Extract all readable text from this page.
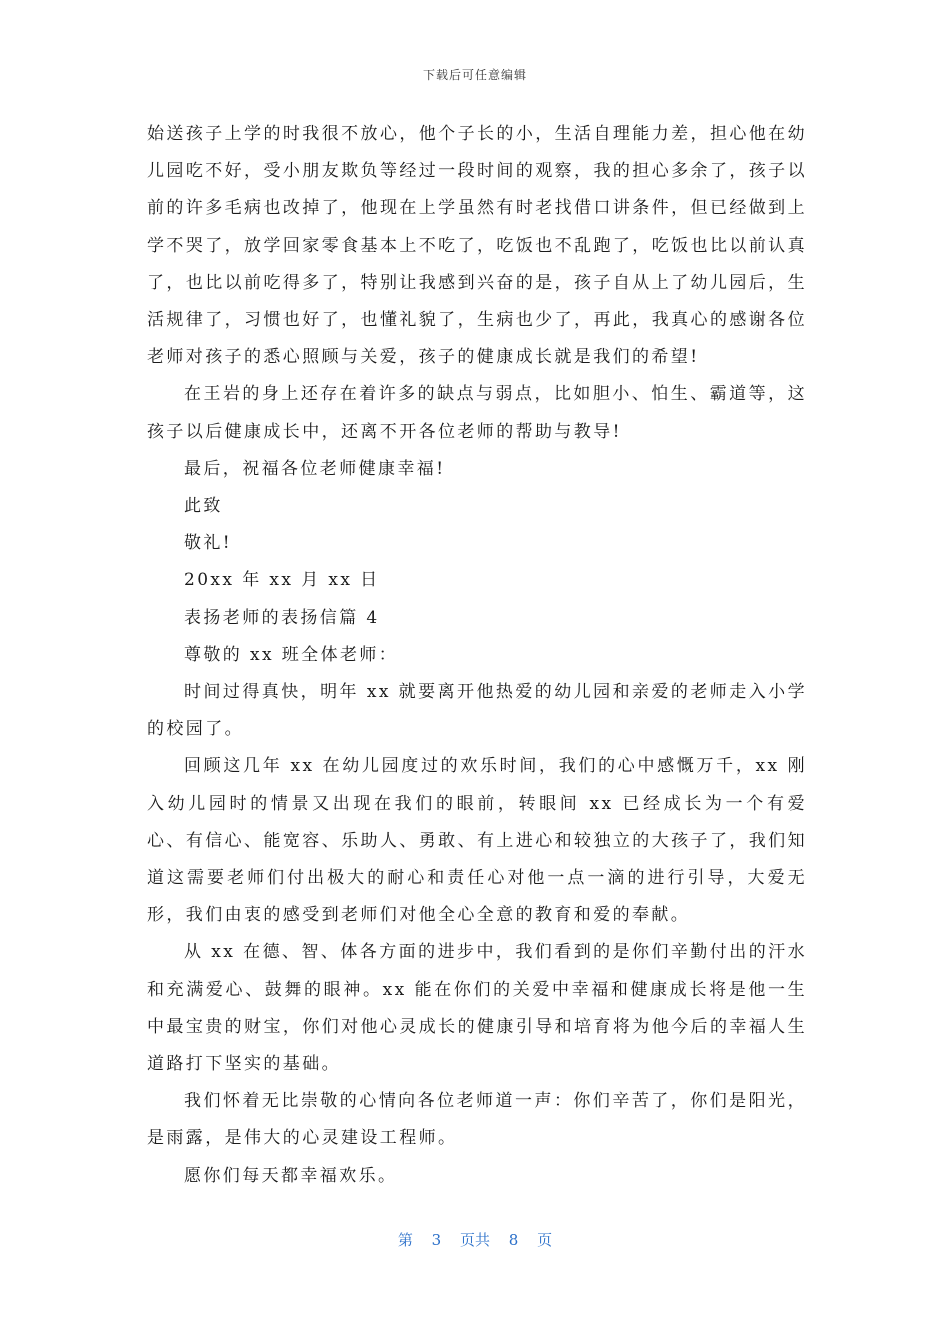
下载后可任意编辑

始送孩子上学的时我很不放心，他个子长的小，生活自理能力差，担心他在幼儿园吃不好，受小朋友欺负等经过一段时间的观察，我的担心多余了，孩子以前的许多毛病也改掉了，他现在上学虽然有时老找借口讲条件，但已经做到上学不哭了，放学回家零食基本上不吃了，吃饭也不乱跑了，吃饭也比以前认真了，也比以前吃得多了，特别让我感到兴奋的是，孩子自从上了幼儿园后，生活规律了，习惯也好了，也懂礼貌了，生病也少了，再此，我真心的感谢各位老师对孩子的悉心照顾与关爱，孩子的健康成长就是我们的希望!

在王岩的身上还存在着许多的缺点与弱点，比如胆小、怕生、霸道等，这孩子以后健康成长中，还离不开各位老师的帮助与教导!

最后，祝福各位老师健康幸福!

此致

敬礼!

20xx 年 xx 月 xx 日

表扬老师的表扬信篇 4

尊敬的 xx 班全体老师：

时间过得真快，明年 xx 就要离开他热爱的幼儿园和亲爱的老师走入小学的校园了。

回顾这几年 xx 在幼儿园度过的欢乐时间，我们的心中感慨万千，xx 刚入幼儿园时的情景又出现在我们的眼前，转眼间 xx 已经成长为一个有爱心、有信心、能宽容、乐助人、勇敢、有上进心和较独立的大孩子了，我们知道这需要老师们付出极大的耐心和责任心对他一点一滴的进行引导，大爱无形，我们由衷的感受到老师们对他全心全意的教育和爱的奉献。

从 xx 在德、智、体各方面的进步中，我们看到的是你们辛勤付出的汗水和充满爱心、鼓舞的眼神。xx 能在你们的关爱中幸福和健康成长将是他一生中最宝贵的财宝，你们对他心灵成长的健康引导和培育将为他今后的幸福人生道路打下坚实的基础。

我们怀着无比崇敬的心情向各位老师道一声：你们辛苦了，你们是阳光，是雨露，是伟大的心灵建设工程师。

愿你们每天都幸福欢乐。

第 3 页共 8 页
